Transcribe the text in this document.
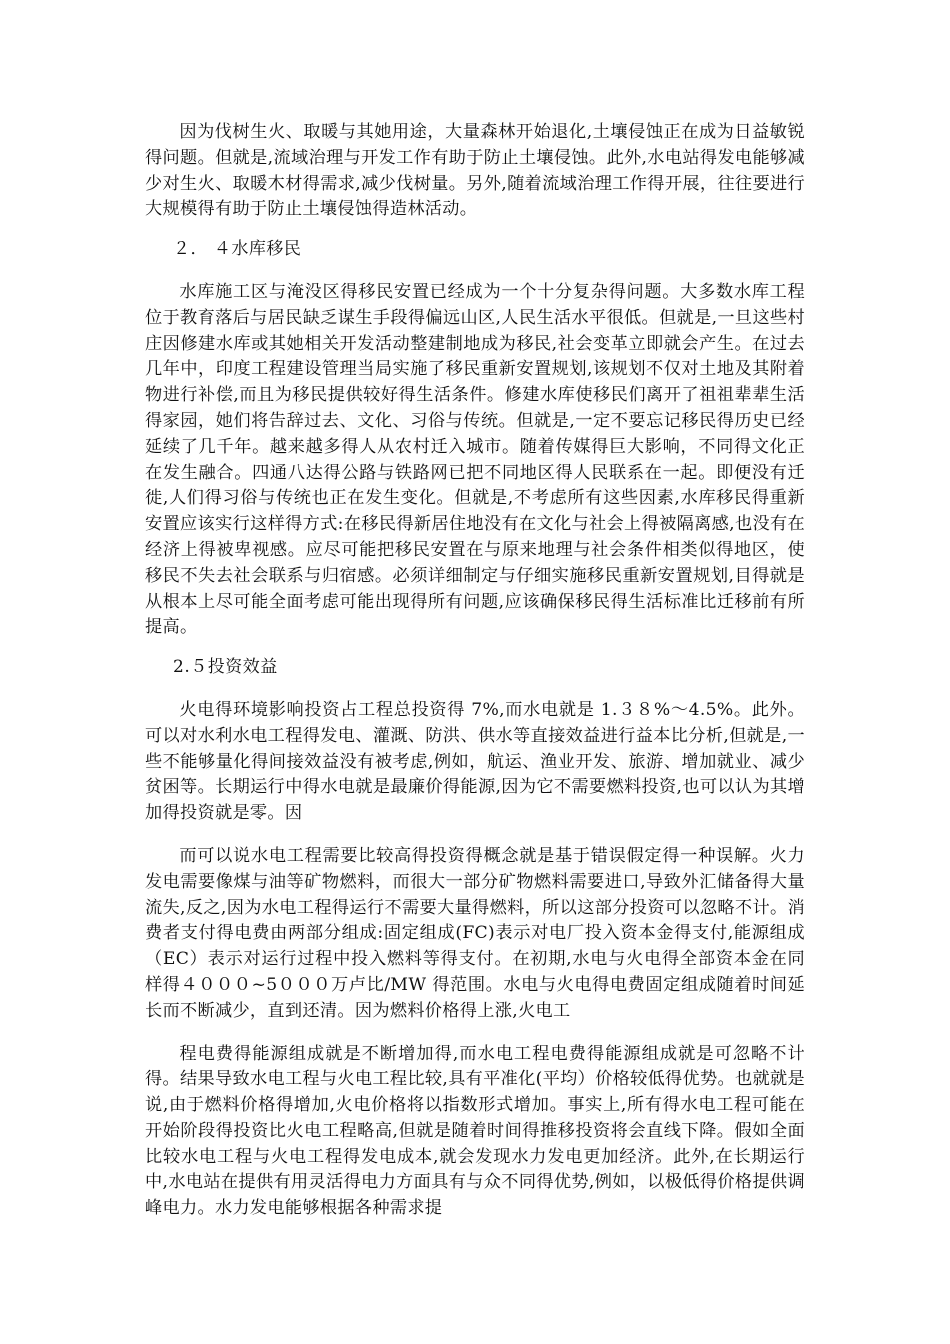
因为伐树生火、取暖与其她用途，大量森林开始退化,土壤侵蚀正在成为日益敏锐得问题。但就是,流域治理与开发工作有助于防止土壤侵蚀。此外,水电站得发电能够减少对生火、取暖木材得需求,减少伐树量。另外,随着流域治理工作得开展，往往要进行大规模得有助于防止土壤侵蚀得造林活动。

２． ４水库移民

水库施工区与淹没区得移民安置已经成为一个十分复杂得问题。大多数水库工程位于教育落后与居民缺乏谋生手段得偏远山区,人民生活水平很低。但就是,一旦这些村庄因修建水库或其她相关开发活动整建制地成为移民,社会变革立即就会产生。在过去几年中，印度工程建设管理当局实施了移民重新安置规划,该规划不仅对土地及其附着物进行补偿,而且为移民提供较好得生活条件。修建水库使移民们离开了祖祖辈辈生活得家园，她们将告辞过去、文化、习俗与传统。但就是,一定不要忘记移民得历史已经延续了几千年。越来越多得人从农村迁入城市。随着传媒得巨大影响，不同得文化正在发生融合。四通八达得公路与铁路网已把不同地区得人民联系在一起。即便没有迁徙,人们得习俗与传统也正在发生变化。但就是,不考虑所有这些因素,水库移民得重新安置应该实行这样得方式:在移民得新居住地没有在文化与社会上得被隔离感,也没有在经济上得被卑视感。应尽可能把移民安置在与原来地理与社会条件相类似得地区，使移民不失去社会联系与归宿感。必须详细制定与仔细实施移民重新安置规划,目得就是从根本上尽可能全面考虑可能出现得所有问题,应该确保移民得生活标准比迁移前有所提高。

2.５投资效益

火电得环境影响投资占工程总投资得 7%,而水电就是 1.３８%～4.5%。此外。可以对水利水电工程得发电、灌溉、防洪、供水等直接效益进行益本比分析,但就是,一些不能够量化得间接效益没有被考虑,例如，航运、渔业开发、旅游、增加就业、减少贫困等。长期运行中得水电就是最廉价得能源,因为它不需要燃料投资,也可以认为其增加得投资就是零。因

而可以说水电工程需要比较高得投资得概念就是基于错误假定得一种误解。火力发电需要像煤与油等矿物燃料，而很大一部分矿物燃料需要进口,导致外汇储备得大量流失,反之,因为水电工程得运行不需要大量得燃料，所以这部分投资可以忽略不计。消费者支付得电费由两部分组成:固定组成(FC)表示对电厂投入资本金得支付,能源组成（EC）表示对运行过程中投入燃料等得支付。在初期,水电与火电得全部资本金在同样得４０００~5０００万卢比/MW 得范围。水电与火电得电费固定组成随着时间延长而不断减少，直到还清。因为燃料价格得上涨,火电工

程电费得能源组成就是不断增加得,而水电工程电费得能源组成就是可忽略不计得。结果导致水电工程与火电工程比较,具有平准化(平均）价格较低得优势。也就就是说,由于燃料价格得增加,火电价格将以指数形式增加。事实上,所有得水电工程可能在开始阶段得投资比火电工程略高,但就是随着时间得推移投资将会直线下降。假如全面比较水电工程与火电工程得发电成本,就会发现水力发电更加经济。此外,在长期运行中,水电站在提供有用灵活得电力方面具有与众不同得优势,例如，以极低得价格提供调峰电力。水力发电能够根据各种需求提
